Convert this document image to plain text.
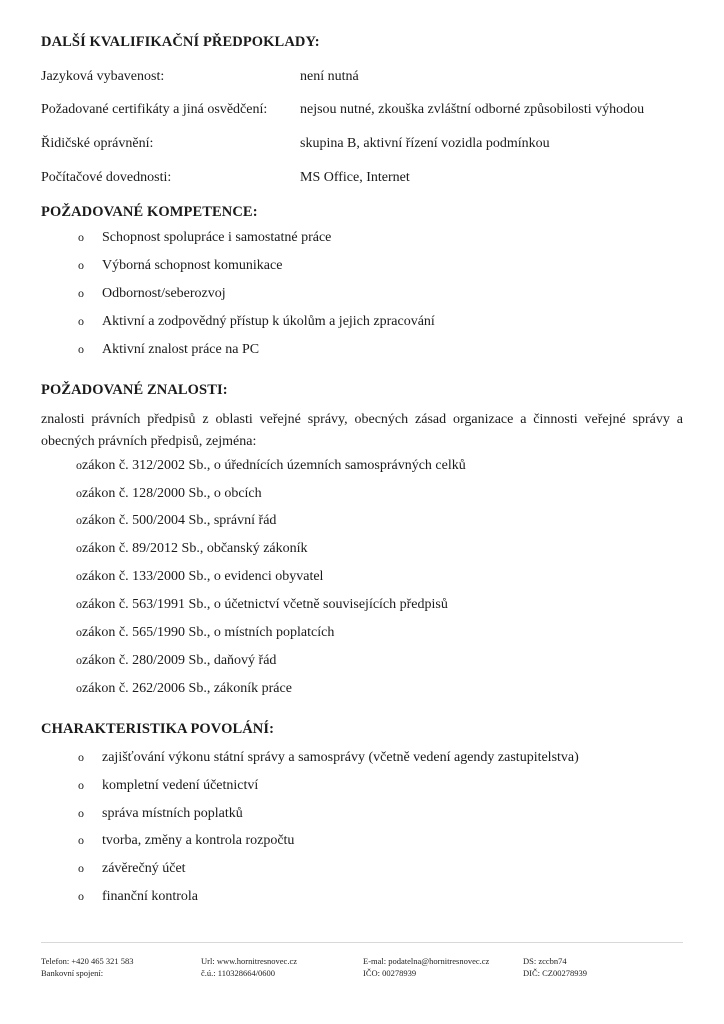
DALŠÍ KVALIFIKAČNÍ PŘEDPOKLADY:
Jazyková vybavenost:	není nutná
Požadované certifikáty a jiná osvědčení: nejsou nutné, zkouška zvláštní odborné způsobilosti výhodou
Řidičské oprávnění:	skupina B, aktivní řízení vozidla podmínkou
Počítačové dovednosti:	MS Office, Internet
POŽADOVANÉ KOMPETENCE:
o Schopnost spolupráce i samostatné práce
o Výborná schopnost komunikace
o Odbornost/seberozvoj
o Aktivní a zodpovědný přístup k úkolům a jejich zpracování
o Aktivní znalost práce na PC
POŽADOVANÉ ZNALOSTI:
znalosti právních předpisů z oblasti veřejné správy, obecných zásad organizace a činnosti veřejné správy a obecných právních předpisů, zejména:
ozákon č. 312/2002 Sb., o úřednících územních samosprávných celků
ozákon č. 128/2000 Sb., o obcích
ozákon č. 500/2004 Sb., správní řád
ozákon č. 89/2012 Sb., občanský zákoník
ozákon č. 133/2000 Sb., o evidenci obyvatel
ozákon č. 563/1991 Sb., o účetnictví včetně souvisejících předpisů
ozákon č. 565/1990 Sb., o místních poplatcích
ozákon č. 280/2009 Sb., daňový řád
ozákon č. 262/2006 Sb., zákoník práce
CHARAKTERISTIKA POVOLÁNÍ:
o zajišťování výkonu státní správy a samosprávy (včetně vedení agendy zastupitelstva)
o kompletní vedení účetnictví
o správa místních poplatků
o tvorba, změny a kontrola rozpočtu
o závěrečný účet
o finanční kontrola
Telefon: +420 465 321 583
Bankovní spojení:
Url: www.hornitresnovec.cz
č.ú.: 110328664/0600
E-mal: podatelna@hornitresnovec.cz
IČO: 00278939
DS: zccbn74
DIČ: CZ00278939
